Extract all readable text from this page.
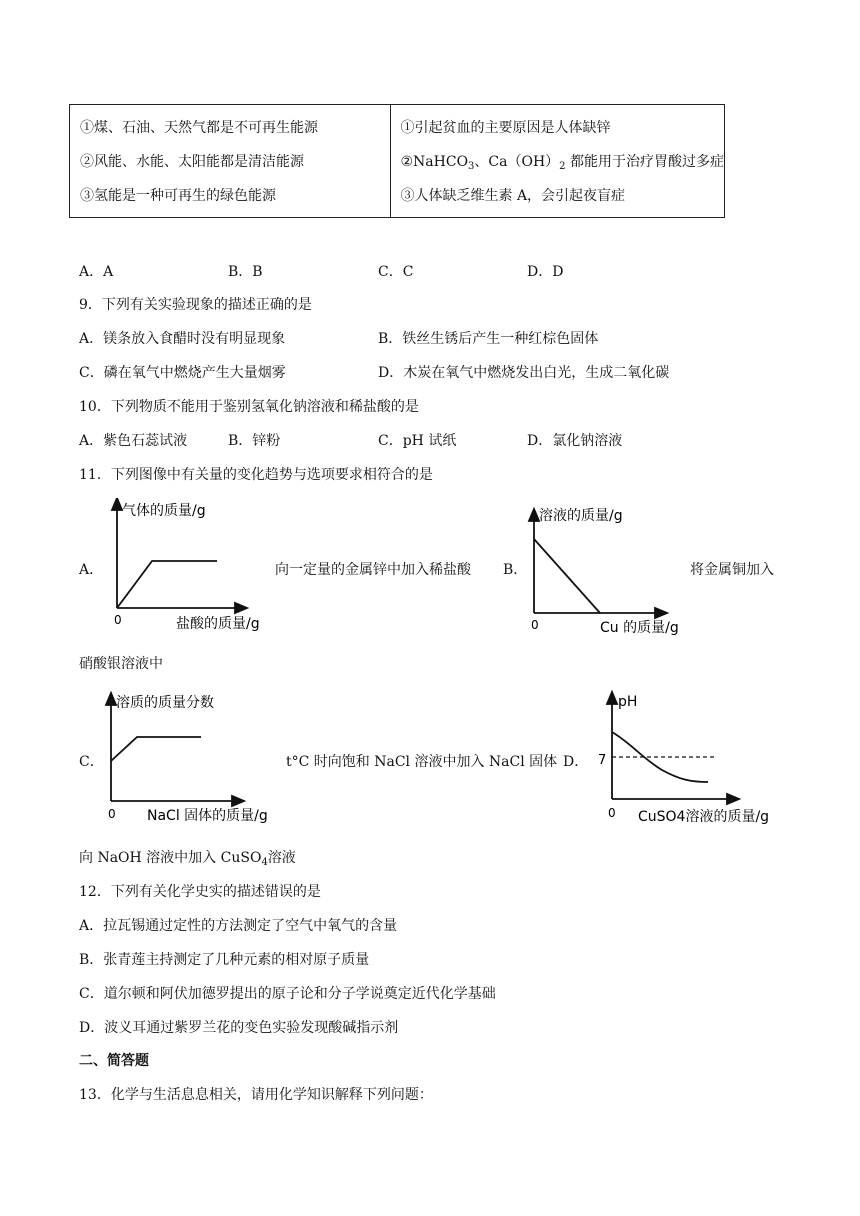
①煤、石油、天然气都是不可再生能源
②风能、水能、太阳能都是清洁能源
③氢能是一种可再生的绿色能源

①引起贫血的主要原因是人体缺锌
②NaHCO$_3$、$Ca(OH)_2$ 都能用于治疗胃酸过多症
③人体缺乏维生素 A，会引起夜盲症
A．A	B．B	C．C	D．D
9．下列有关实验现象的描述正确的是
A．镁条放入食醋时没有明显现象	B．铁丝生锈后产生一种红棕色固体
C．磷在氧气中燃烧产生大量烟雾	D．木炭在氧气中燃烧发出白光，生成二氧化碳
10．下列物质不能用于鉴别氢氧化钠溶液和稀盐酸的是
A．紫色石蕊试液	B．锌粉	C．pH 试纸	D．氯化钠溶液
11．下列图像中有关量的变化趋势与选项要求相符合的是
A．
气体的质量/g
0	盐酸的质量/g
向一定量的金属锌中加入稀盐酸 B．
溶液的质量/g
0	Cu 的质量/g
将金属铜加入
硝酸银溶液中
C．
溶质的质量分数
0 NaCl 固体的质量/g
t°C 时向饱和 NaCl 溶液中加入 NaCl 固体 D．
pH
7
0 CuSO4溶液的质量/g
向 NaOH 溶液中加入 CuSO$_4$溶液
12．下列有关化学史实的描述错误的是
A．拉瓦锡通过定性的方法测定了空气中氧气的含量
B．张青莲主持测定了几种元素的相对原子质量
C．道尔顿和阿伏加德罗提出的原子论和分子学说奠定近代化学基础
D．波义耳通过紫罗兰花的变色实验发现酸碱指示剂
二、简答题
13．化学与生活息息相关，请用化学知识解释下列问题：
